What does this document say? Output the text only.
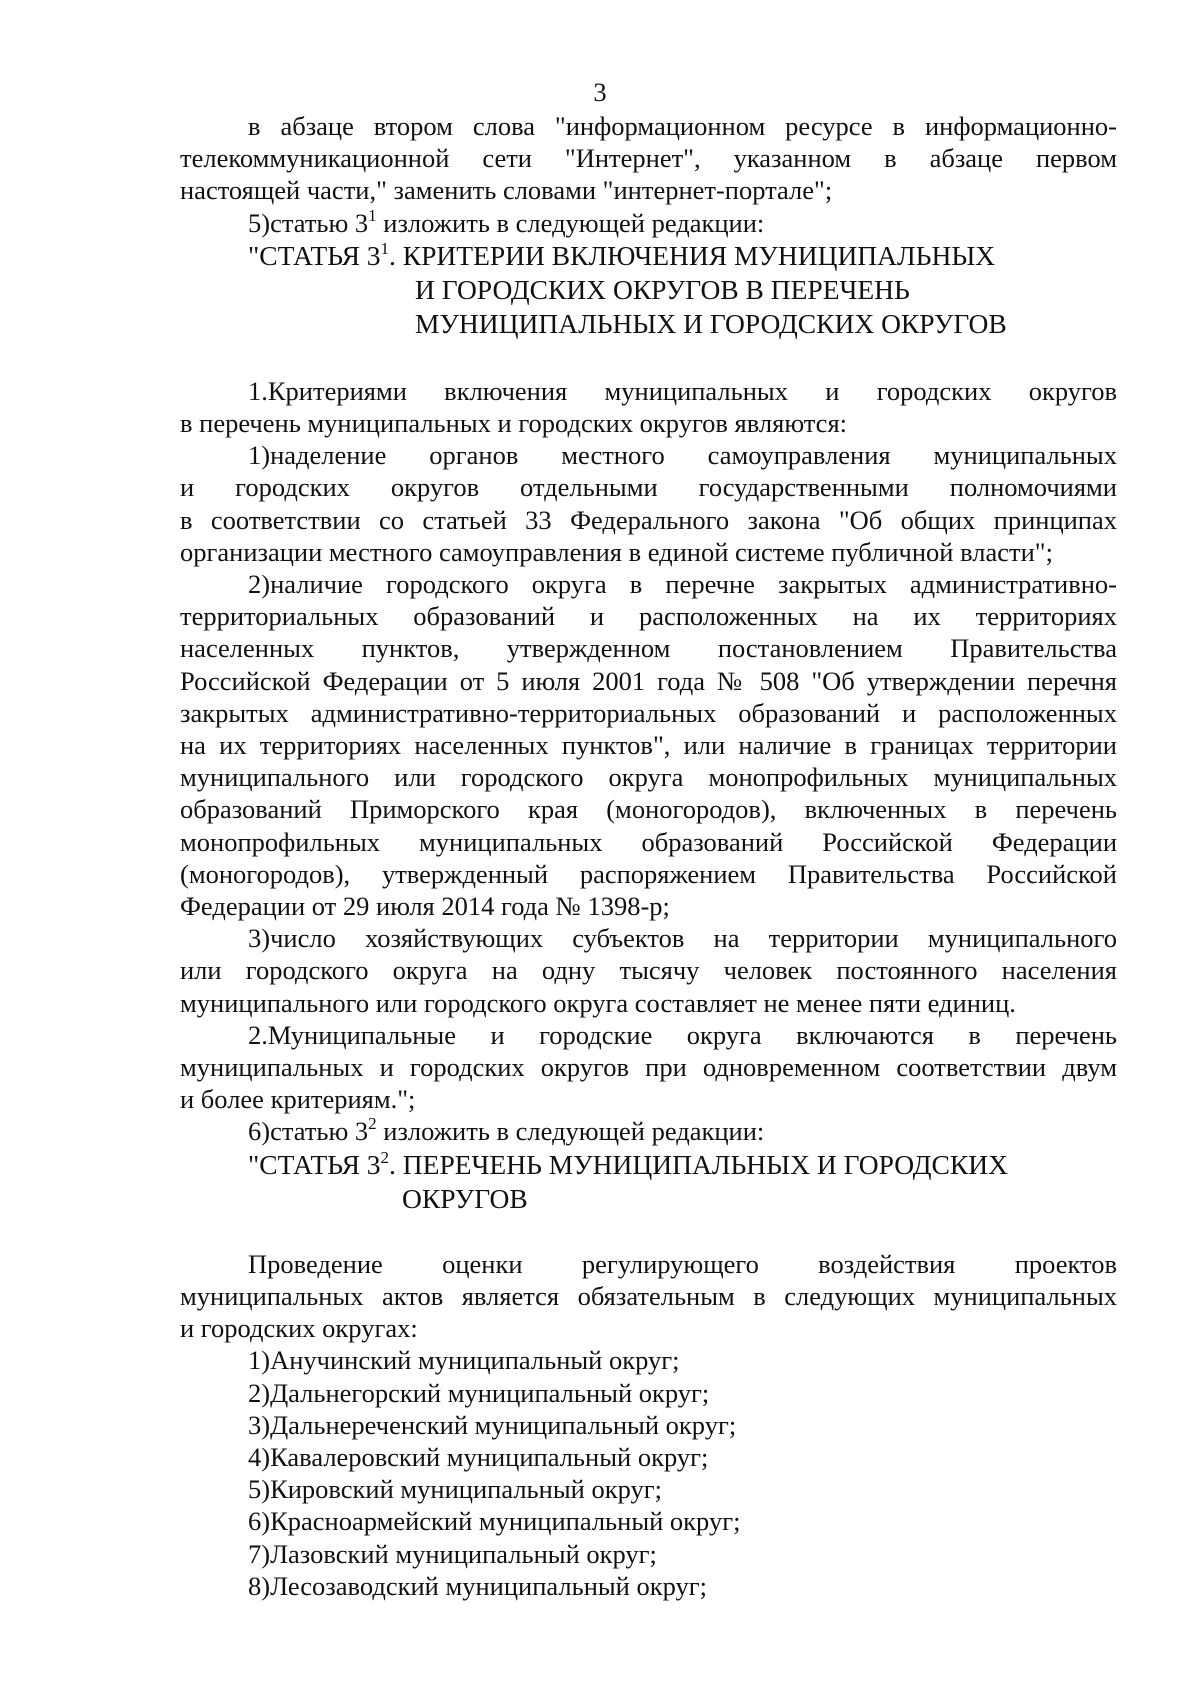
3

в абзаце втором слова "информационном ресурсе в информационно-

телекоммуникационной сети "Интернет", указанном в абзаце первом

настоящей части," заменить словами "интернет-портале";

5)статью $3^1$ изложить в следующей редакции:

"СТАТЬЯ $3^1$. КРИТЕРИИ ВКЛЮЧЕНИЯ МУНИЦИПАЛЬНЫХ

И ГОРОДСКИХ ОКРУГОВ В ПЕРЕЧЕНЬ

МУНИЦИПАЛЬНЫХ И ГОРОДСКИХ ОКРУГОВ

1.Критериями включения муниципальных и городских округов

в перечень муниципальных и городских округов являются:

1)наделение органов местного самоуправления муниципальных

и городских округов отдельными государственными полномочиями

в соответствии со статьей 33 Федерального закона "Об общих принципах

организации местного самоуправления в единой системе публичной власти";

2)наличие городского округа в перечне закрытых административно-

территориальных образований и расположенных на их территориях

населенных пунктов, утвержденном постановлением Правительства

Российской Федерации от 5 июля 2001 года № 508 "Об утверждении перечня

закрытых административно-территориальных образований и расположенных

на их территориях населенных пунктов", или наличие в границах территории

муниципального или городского округа монопрофильных муниципальных

образований Приморского края (моногородов), включенных в перечень

монопрофильных муниципальных образований Российской Федерации

(моногородов), утвержденный распоряжением Правительства Российской

Федерации от 29 июля 2014 года № 1398-р;

3)число хозяйствующих субъектов на территории муниципального

или городского округа на одну тысячу человек постоянного населения

муниципального или городского округа составляет не менее пяти единиц.

2.Муниципальные и городские округа включаются в перечень

муниципальных и городских округов при одновременном соответствии двум

и более критериям.";

6)статью $3^2$ изложить в следующей редакции:

"СТАТЬЯ $3^2$. ПЕРЕЧЕНЬ МУНИЦИПАЛЬНЫХ И ГОРОДСКИХ

ОКРУГОВ

Проведение оценки регулирующего воздействия проектов

муниципальных актов является обязательным в следующих муниципальных

и городских округах:

1)Анучинский муниципальный округ;

2)Дальнегорский муниципальный округ;

3)Дальнереченский муниципальный округ;

4)Кавалеровский муниципальный округ;

5)Кировский муниципальный округ;

6)Красноармейский муниципальный округ;

7)Лазовский муниципальный округ;

8)Лесозаводский муниципальный округ;
